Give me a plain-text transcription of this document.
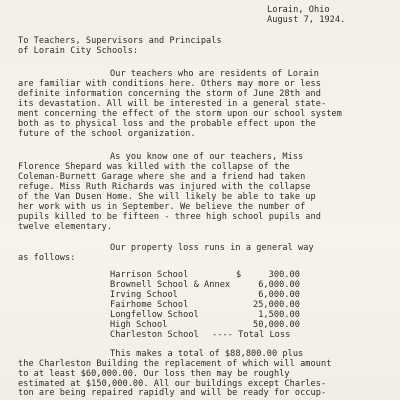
Lorain, Ohio
August 7, 1924.
To Teachers, Supervisors and Principals
of Lorain City Schools:
Our teachers who are residents of Lorain
are familiar with conditions here. Others may more or less
definite information concerning the storm of June 28th and
its devastation. All will be interested in a general state-
ment concerning the effect of the storm upon our school system
both as to physical loss and the probable effect upon the
future of the school organization.
As you know one of our teachers, Miss
Florence Shepard was killed with the collapse of the
Coleman-Burnett Garage where she and a friend had taken
refuge. Miss Ruth Richards was injured with the collapse
of the Van Dusen Home. She will likely be able to take up
her work with us in September. We believe the number of
pupils killed to be fifteen - three high school pupils and
twelve elementary.
Our property loss runs in a general way
as follows:
Harrison School	$	300.00
Brownell School & Annex	6,000.00
Irving School	6,000.00
Fairhome School	25,000.00
Longfellow School	1,500.00
High School	50,000.00
Charleston School ---- Total Loss
This makes a total of $88,800.00 plus
the Charleston Building the replacement of which will amount
to at least $60,000.00. Our loss then may be roughly
estimated at $150,000.00. All our buildings except Charles-
ton are being repaired rapidly and will be ready for occup-
